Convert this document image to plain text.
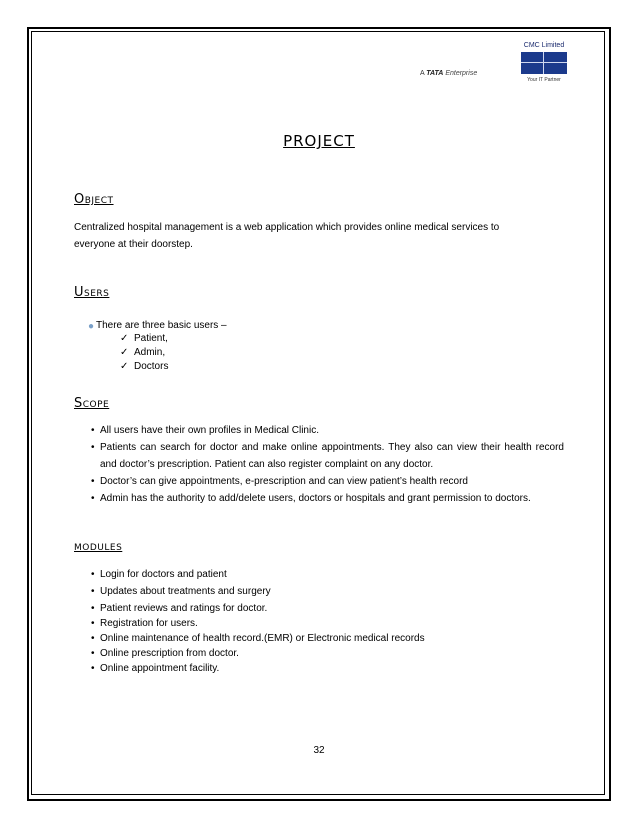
A TATA Enterprise
CMC Limited
Your IT Partner
PROJECT
Object
Centralized hospital management is a web application which provides online medical services to
everyone at their doorstep.
Users
● There are three basic users –
✓ Patient,
✓ Admin,
✓ Doctors
Scope
• All users have their own profiles in Medical Clinic.
• Patients can search for doctor and make online appointments. They also can view their health record and doctor’s prescription. Patient can also register complaint on any doctor.
• Doctor’s can give appointments, e-prescription and can view patient’s health record
• Admin has the authority to add/delete users, doctors or hospitals and grant permission to doctors.
modules
• Login for doctors and patient
• Updates about treatments and surgery
• Patient reviews and ratings for doctor.
• Registration for users.
• Online maintenance of health record.(EMR) or Electronic medical records
• Online prescription from doctor.
• Online appointment facility.
32
